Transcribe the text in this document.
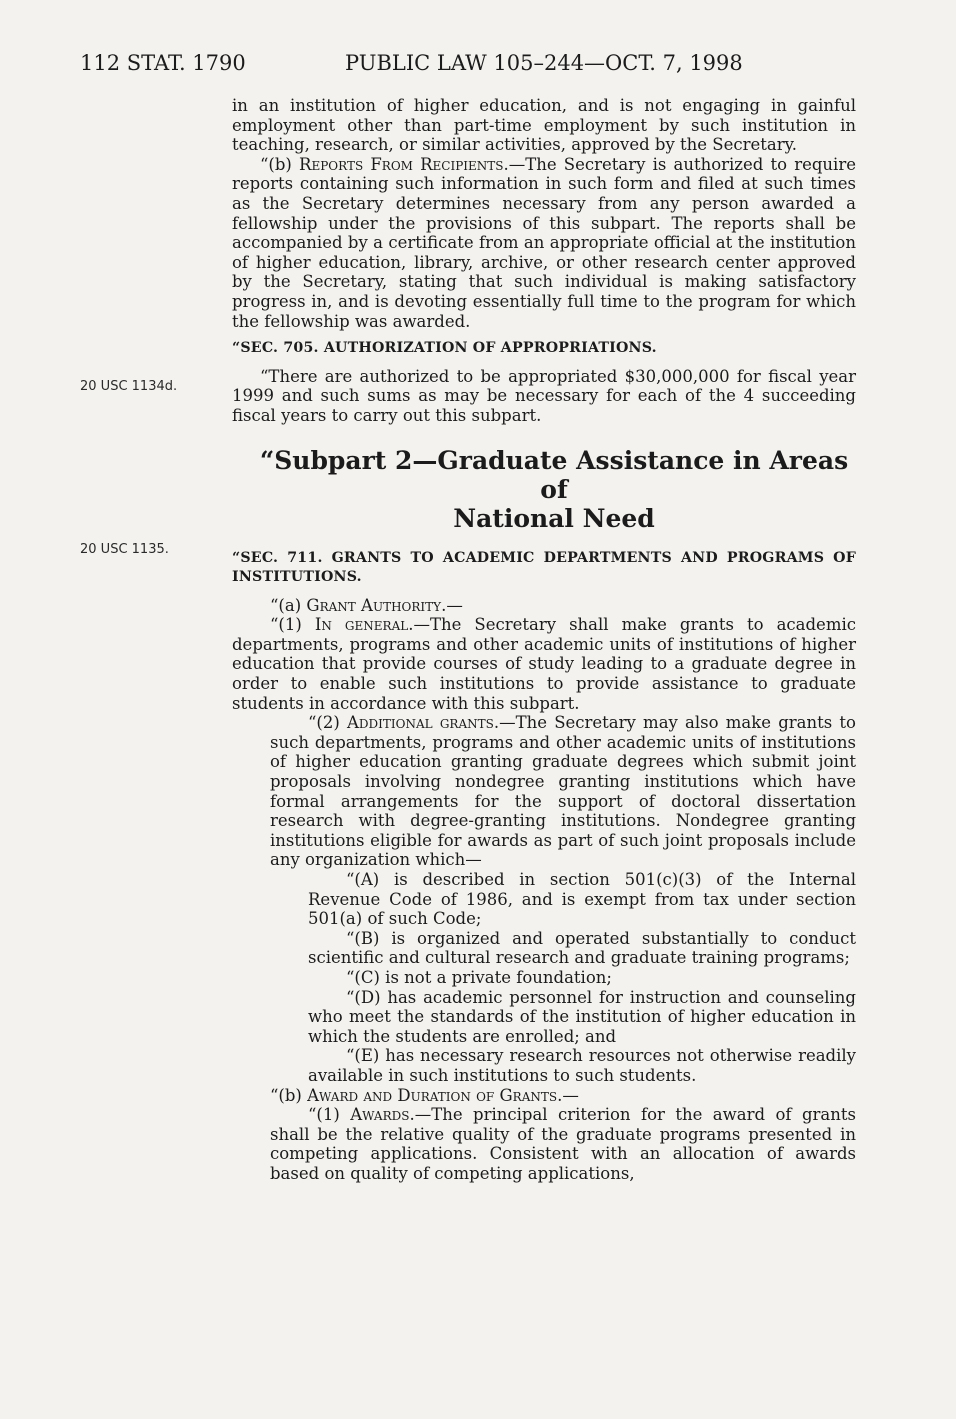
112 STAT. 1790	PUBLIC LAW 105–244—OCT. 7, 1998
20 USC 1134d.
20 USC 1135.

in an institution of higher education, and is not engaging in gainful employment other than part-time employment by such institution in teaching, research, or similar activities, approved by the Secretary.

“(b) Reports From Recipients.—The Secretary is authorized to require reports containing such information in such form and filed at such times as the Secretary determines necessary from any person awarded a fellowship under the provisions of this subpart. The reports shall be accompanied by a certificate from an appropriate official at the institution of higher education, library, archive, or other research center approved by the Secretary, stating that such individual is making satisfactory progress in, and is devoting essentially full time to the program for which the fellowship was awarded.

“SEC. 705. AUTHORIZATION OF APPROPRIATIONS.

“There are authorized to be appropriated $30,000,000 for fiscal year 1999 and such sums as may be necessary for each of the 4 succeeding fiscal years to carry out this subpart.

“Subpart 2—Graduate Assistance in Areas of
National Need

“SEC. 711. GRANTS TO ACADEMIC DEPARTMENTS AND PROGRAMS OF INSTITUTIONS.

“(a) Grant Authority.—

“(1) In general.—The Secretary shall make grants to academic departments, programs and other academic units of institutions of higher education that provide courses of study leading to a graduate degree in order to enable such institutions to provide assistance to graduate students in accordance with this subpart.

“(2) Additional grants.—The Secretary may also make grants to such departments, programs and other academic units of institutions of higher education granting graduate degrees which submit joint proposals involving nondegree granting institutions which have formal arrangements for the support of doctoral dissertation research with degree-granting institutions. Nondegree granting institutions eligible for awards as part of such joint proposals include any organization which—

“(A) is described in section 501(c)(3) of the Internal Revenue Code of 1986, and is exempt from tax under section 501(a) of such Code;

“(B) is organized and operated substantially to conduct scientific and cultural research and graduate training programs;

“(C) is not a private foundation;

“(D) has academic personnel for instruction and counseling who meet the standards of the institution of higher education in which the students are enrolled; and

“(E) has necessary research resources not otherwise readily available in such institutions to such students.

“(b) Award and Duration of Grants.—

“(1) Awards.—The principal criterion for the award of grants shall be the relative quality of the graduate programs presented in competing applications. Consistent with an allocation of awards based on quality of competing applications,
